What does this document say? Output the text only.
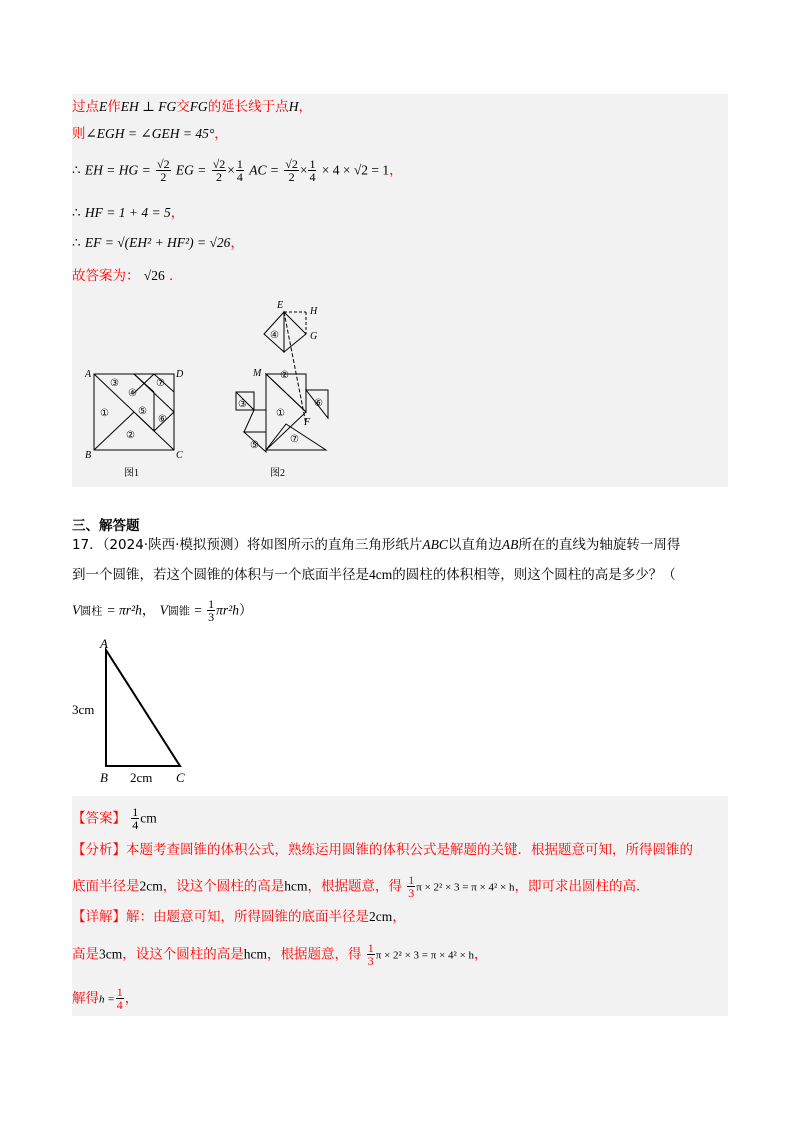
过点E作EH ⊥ FG交FG的延长线于点H，
则∠EGH = ∠GEH = 45°，
∴ EH = HG = $\frac{√2}{2}$ EG = $\frac{√2}{2} \times \frac{1}{4}$ AC = $\frac{√2}{2} \times \frac{1}{4} \times 4 \times √2 = 1$，
∴ HF = 1 + 4 = 5，
∴ EF = √(EH² + HF²) = √26，
故答案为： √26 ．
A	D
B	C
③
④
⑦
①	⑤
⑥
②
图1
E
H
G
M
F
④
②
③
①
⑥
⑤
⑦
图2
三、解答题
17．（2024·陕西·模拟预测）将如图所示的直角三角形纸片ABC以直角边AB所在的直线为轴旋转一周得
到一个圆锥，若这个圆锥的体积与一个底面半径是4cm的圆柱的体积相等，则这个圆柱的高是多少？（
V圆柱 = πr²h， V圆锥 = $\frac{1}{3} \pi r^2h$）
A
B	C
3cm
2cm
【答案】 $\frac{1}{4}$ cm
【分析】本题考查圆锥的体积公式，熟练运用圆锥的体积公式是解题的关键．根据题意可知，所得圆锥的
底面半径是2cm，设这个圆柱的高是hcm，根据题意，得 $\frac{1}{3}$ π × 2² × 3 = π × 4² × h，即可求出圆柱的高．
【详解】解：由题意可知，所得圆锥的底面半径是2cm，
高是3cm，设这个圆柱的高是hcm，根据题意，得 $\frac{1}{3}$ π × 2² × 3 = π × 4² × h，
解得$h = \frac{1}{4}$ ，
